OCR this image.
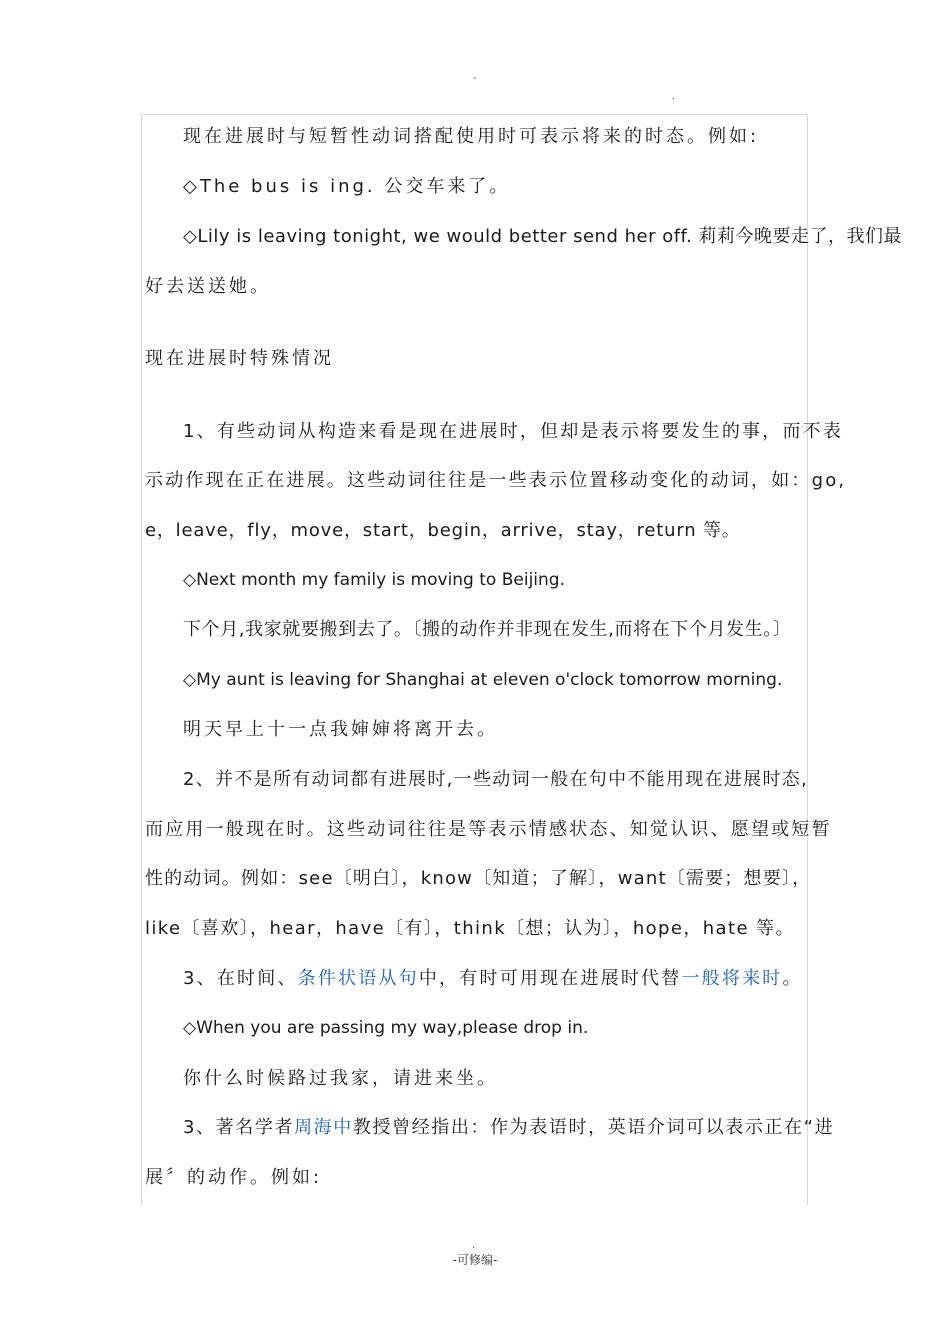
-
.
现在进展时与短暂性动词搭配使用时可表示将来的时态。例如:
◇The bus is ing. 公交车来了。
◇Lily is leaving tonight, we would better send her off. 莉莉今晚要走了，我们最
好去送送她。
现在进展时特殊情况
1、有些动词从构造来看是现在进展时，但却是表示将要发生的事，而不表
示动作现在正在进展。这些动词往往是一些表示位置移动变化的动词，如：go,
e，leave，fly，move，start，begin，arrive，stay，return 等。
◇Next month my family is moving to Beijing.
下个月,我家就要搬到去了。〔搬的动作并非现在发生,而将在下个月发生。〕
◇My aunt is leaving for Shanghai at eleven o'clock tomorrow morning.
明天早上十一点我婶婶将离开去。
2、并不是所有动词都有进展时,一些动词一般在句中不能用现在进展时态,
而应用一般现在时。这些动词往往是等表示情感状态、知觉认识、愿望或短暂
性的动词。例如：see〔明白〕，know〔知道；了解〕，want〔需要；想要〕，
like〔喜欢〕，hear，have〔有〕，think〔想；认为〕，hope，hate 等。
3、在时间、条件状语从句中，有时可用现在进展时代替一般将来时。
◇When you are passing my way,please drop in.
你什么时候路过我家，请进来坐。
3、著名学者周海中教授曾经指出：作为表语时，英语介词可以表示正在“进
展〞的动作。例如:
.
-可修编-
